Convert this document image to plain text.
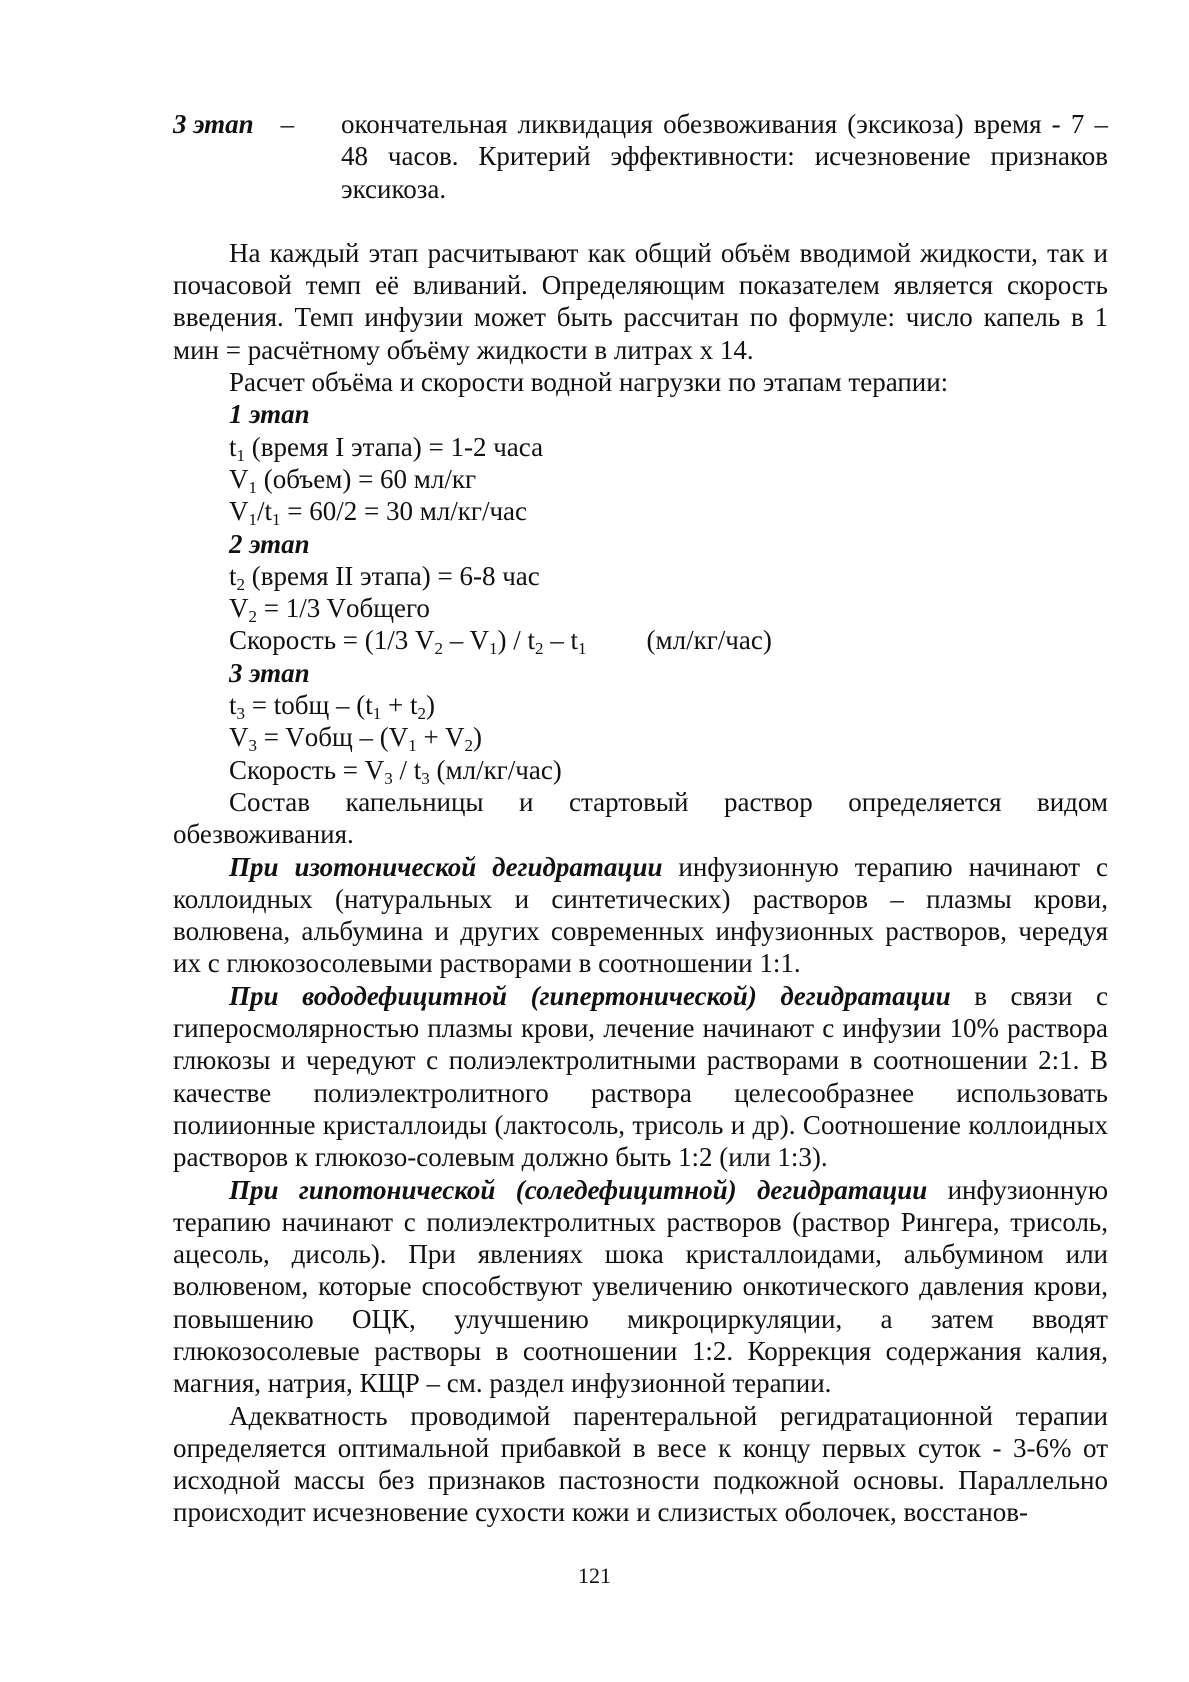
3 этап –	окончательная ликвидация обезвоживания (эксикоза) время - 7 – 48 часов. Критерий эффективности: исчезновение признаков эксикоза.

На каждый этап расчитывают как общий объём вводимой жидкости, так и почасовой темп её вливаний. Определяющим показателем является скорость введения. Темп инфузии может быть рассчитан по формуле: число капель в 1 мин = расчётному объёму жидкости в литрах х 14.

Расчет объёма и скорости водной нагрузки по этапам терапии:
1 этап
$t_1$ (время I этапа) = 1-2 часа
$V_1$ (объем) = 60 мл/кг
$V_1/t_1 = 60/2 = 30$ мл/кг/час
2 этап
$t_2$ (время II этапа) = 6-8 час
$V_2 = 1/3$ Vобщего
Скорость = (1/3 $V_2 - V_1) / t_2 - t_1$ (мл/кг/час)
3 этап
$t_3$ = tобщ – $(t_1 + t_2)$
$V_3$ = Vобщ – $(V_1 + V_2)$
Скорость = $V_3 / t_3$ (мл/кг/час)

Состав капельницы и стартовый раствор определяется видом обезвоживания.

При изотонической дегидратации инфузионную терапию начинают с коллоидных (натуральных и синтетических) растворов – плазмы крови, волювена, альбумина и других современных инфузионных растворов, чередуя их с глюкозосолевыми растворами в соотношении 1:1.

При вододефицитной (гипертонической) дегидратации в связи с гиперосмолярностью плазмы крови, лечение начинают с инфузии 10% раствора глюкозы и чередуют с полиэлектролитными растворами в соотношении 2:1. В качестве полиэлектролитного раствора целесообразнее использовать полиионные кристаллоиды (лактосоль, трисоль и др). Соотношение коллоидных растворов к глюкозо-солевым должно быть 1:2 (или 1:3).

При гипотонической (соледефицитной) дегидратации инфузионную терапию начинают с полиэлектролитных растворов (раствор Рингера, трисоль, ацесоль, дисоль). При явлениях шока кристаллоидами, альбумином или волювеном, которые способствуют увеличению онкотического давления крови, повышению ОЦК, улучшению микроциркуляции, а затем вводят глюкозосолевые растворы в соотношении 1:2. Коррекция содержания калия, магния, натрия, КЩР – см. раздел инфузионной терапии.

Адекватность проводимой парентеральной регидратационной терапии определяется оптимальной прибавкой в весе к концу первых суток - 3-6% от исходной массы без признаков пастозности подкожной основы. Параллельно происходит исчезновение сухости кожи и слизистых оболочек, восстанов-

121
